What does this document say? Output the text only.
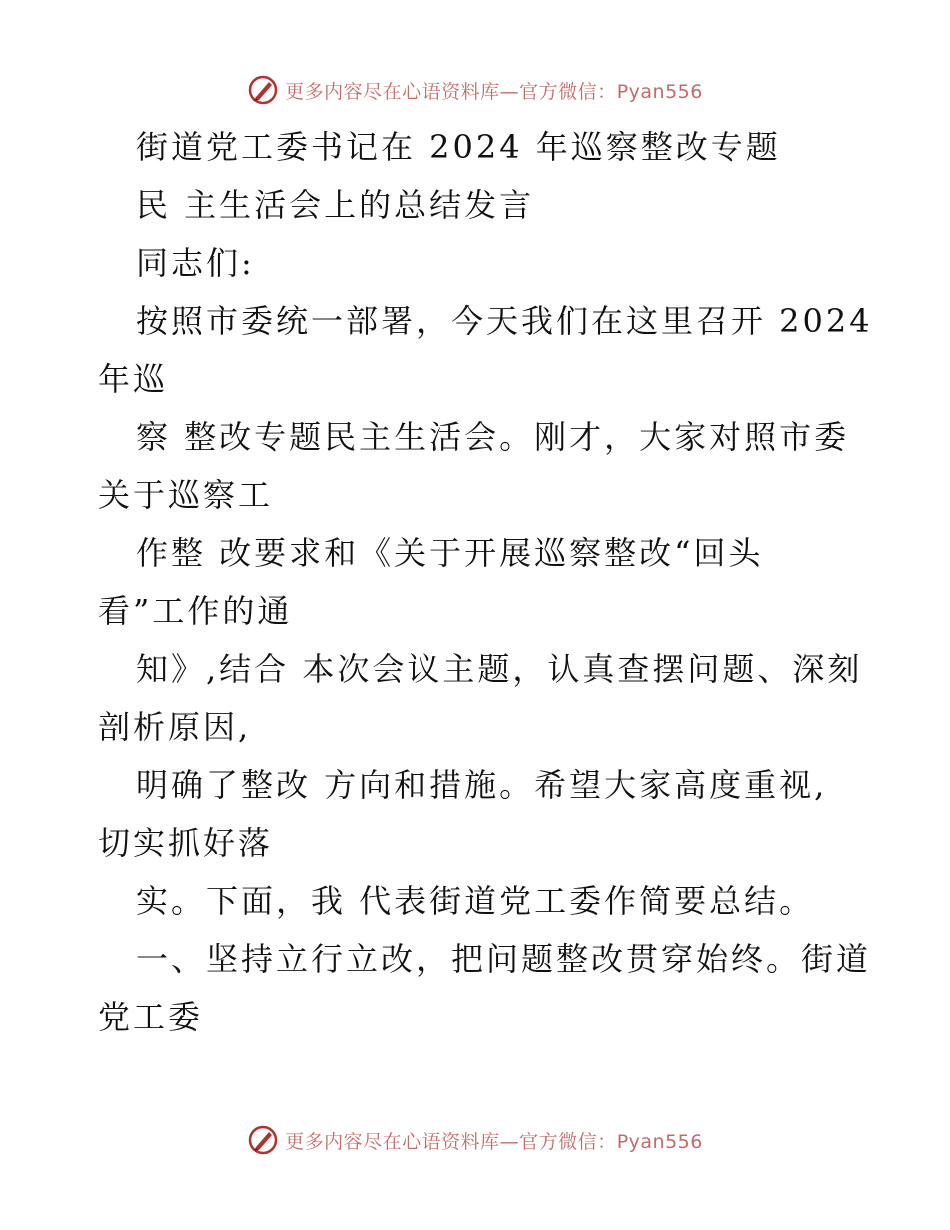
更多内容尽在心语资料库—官方微信：Pyan556
街道党工委书记在 2024 年巡察整改专题
民 主生活会上的总结发言
同志们:
按照市委统一部署，今天我们在这里召开 2024
年巡
察 整改专题民主生活会。刚才，大家对照市委
关于巡察工
作整 改要求和《关于开展巡察整改“回头
看”工作的通
知》,结合 本次会议主题，认真查摆问题、深刻
剖析原因,
明确了整改 方向和措施。希望大家高度重视,
切实抓好落
实。下面，我 代表街道党工委作简要总结。
一、坚持立行立改，把问题整改贯穿始终。街道
党工委
更多内容尽在心语资料库—官方微信：Pyan556
